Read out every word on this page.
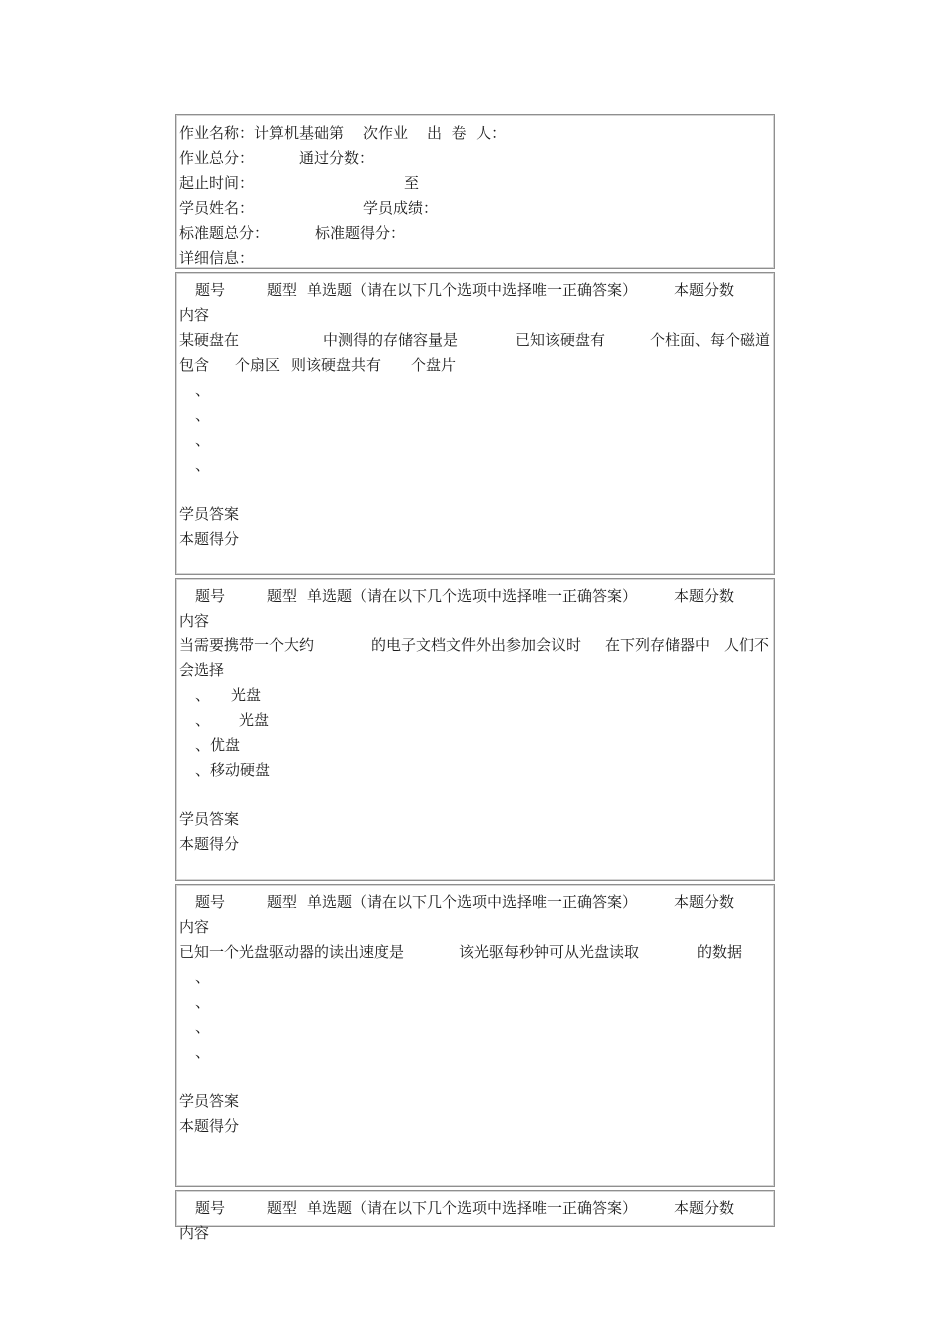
作业名称：计算机基础第 次作业 出  卷  人：
作业总分：	通过分数：
起止时间：	至
学员姓名：	学员成绩：
标准题总分：	标准题得分：
详细信息：
题号	题型 单选题（请在以下几个选项中选择唯一正确答案） 本题分数
内容
某硬盘在	中测得的存储容量是	已知该硬盘有	个柱面、每个磁道
包含 个扇区 则该硬盘共有 个盘片
、
、
、
、
学员答案
本题得分
题号	题型 单选题（请在以下几个选项中选择唯一正确答案） 本题分数
内容
当需要携带一个大约	的电子文档文件外出参加会议时 在下列存储器中 人们不
会选择
、 光盘
、 光盘
、优盘
、移动硬盘
学员答案
本题得分
题号	题型 单选题（请在以下几个选项中选择唯一正确答案） 本题分数
内容
已知一个光盘驱动器的读出速度是	该光驱每秒钟可从光盘读取	的数据
、
、
、
、
学员答案
本题得分
题号	题型 单选题（请在以下几个选项中选择唯一正确答案） 本题分数
内容
